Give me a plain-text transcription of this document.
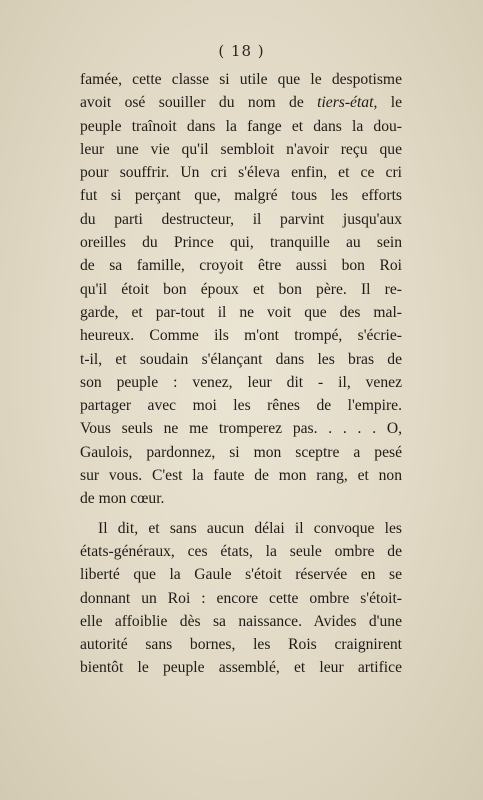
( 18 )
famée, cette classe si utile que le despotisme
avoit osé souiller du nom de tiers-état, le
peuple traînoit dans la fange et dans la dou-
leur une vie qu'il sembloit n'avoir reçu que
pour souffrir. Un cri s'éleva enfin, et ce cri
fut si perçant que, malgré tous les efforts
du parti destructeur, il parvint jusqu'aux
oreilles du Prince qui, tranquille au sein
de sa famille, croyoit être aussi bon Roi
qu'il étoit bon époux et bon père. Il re-
garde, et par-tout il ne voit que des mal-
heureux. Comme ils m'ont trompé, s'écrie-
t-il, et soudain s'élançant dans les bras de
son peuple : venez, leur dit - il, venez
partager avec moi les rênes de l'empire.
Vous seuls ne me tromperez pas. . . . . O,
Gaulois, pardonnez, si mon sceptre a pesé
sur vous. C'est la faute de mon rang, et non
de mon cœur.
Il dit, et sans aucun délai il convoque les
états-généraux, ces états, la seule ombre de
liberté que la Gaule s'étoit réservée en se
donnant un Roi : encore cette ombre s'étoit-
elle affoiblie dès sa naissance. Avides d'une
autorité sans bornes, les Rois craignirent
bientôt le peuple assemblé, et leur artifice
